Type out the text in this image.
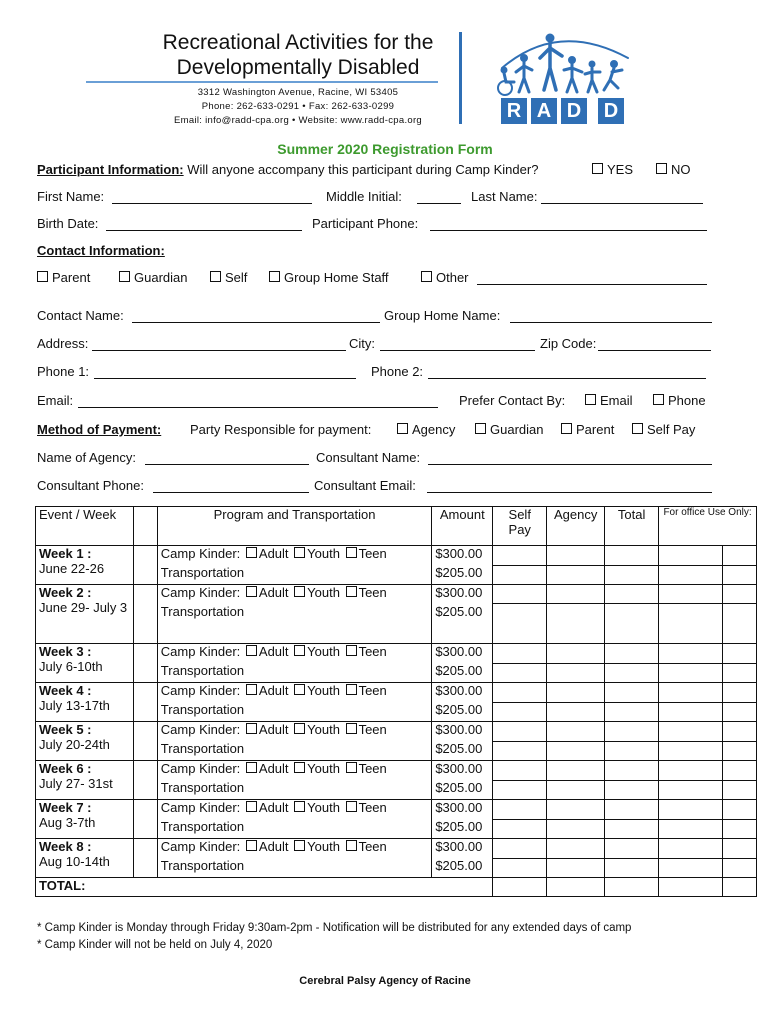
Recreational Activities for the
Developmentally Disabled
3312 Washington Avenue, Racine, WI 53405
Phone: 262-633-0291 • Fax: 262-633-0299
Email: info@radd-cpa.org • Website: www.radd-cpa.org	R A D D
Summer 2020 Registration Form
Participant Information: Will anyone accompany this participant during Camp Kinder?	YES	NO
First Name:	Middle Initial:	Last Name:
Birth Date:	Participant Phone:
Contact Information:
Parent	Guardian	Self	Group Home Staff	Other
Contact Name:	Group Home Name:
Address:	City:	Zip Code:
Phone 1:	Phone 2:
Email:	Prefer Contact By:	Email	Phone
Method of Payment: Party Responsible for payment:	Agency	Guardian	Parent	Self Pay
Name of Agency:	Consultant Name:
Consultant Phone:	Consultant Email:
Event / Week		Program and Transportation	Amount	Self Pay	Agency	Total	For office Use Only:	

Week 1 :
June 22-26		Camp Kinder: Adult Youth Teen	$300.00					
		Transportation	$205.00					

Week 2 :
June 29- July 3		Camp Kinder: Adult Youth Teen	$300.00					
		Transportation	$205.00					

Week 3 :
July 6-10th		Camp Kinder: Adult Youth Teen	$300.00					
		Transportation	$205.00					

Week 4 :
July 13-17th		Camp Kinder: Adult Youth Teen	$300.00					
		Transportation	$205.00					

Week 5 :
July 20-24th		Camp Kinder: Adult Youth Teen	$300.00					
		Transportation	$205.00					

Week 6 :
July 27- 31st		Camp Kinder: Adult Youth Teen	$300.00					
		Transportation	$205.00					

Week 7 :
Aug 3-7th		Camp Kinder: Adult Youth Teen	$300.00					
		Transportation	$205.00					

Week 8 :
Aug 10-14th		Camp Kinder: Adult Youth Teen	$300.00					
		Transportation	$205.00					
TOTAL:								
* Camp Kinder is Monday through Friday 9:30am-2pm - Notification will be distributed for any extended days of camp
* Camp Kinder will not be held on July 4, 2020
Cerebral Palsy Agency of Racine
